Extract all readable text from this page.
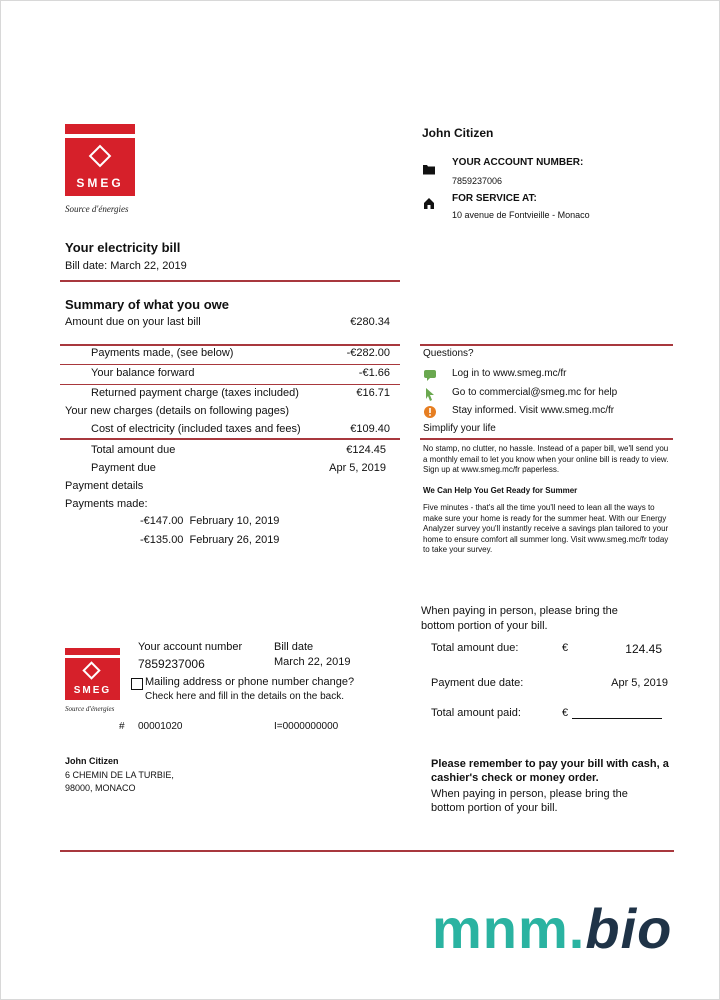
SMEG
Source d'énergies
John Citizen
YOUR ACCOUNT NUMBER:
7859237006
FOR SERVICE AT:
10 avenue de Fontvieille - Monaco
Your electricity bill
Bill date: March 22, 2019
Summary of what you owe
Amount due on your last bill	€280.34
Payments made, (see below)	-€282.00
Your balance forward	-€1.66
Returned payment charge (taxes included)	€16.71
Your new charges (details on following pages)
Cost of electricity (included taxes and fees)	€109.40
Total amount due	€124.45
Payment due	Apr 5, 2019
Payment details
Payments made:
-€147.00  February 10, 2019
-€135.00  February 26, 2019
Questions?
Log in to www.smeg.mc/fr
Go to commercial@smeg.mc for help
Stay informed. Visit www.smeg.mc/fr
Simplify your life
No stamp, no clutter, no hassle. Instead of a paper bill, we'll send you a monthly email to let you know when your online bill is ready to view. Sign up at www.smeg.mc/fr paperless.
We Can Help You Get Ready for Summer
Five minutes - that's all the time you'll need to lean all the ways to make sure your home is ready for the summer heat. With our Energy Analyzer survey you'll instantly receive a savings plan tailored to your home to ensure comfort all summer long. Visit www.smeg.mc/fr today to take your survey.
When paying in person, please bring the bottom portion of your bill.
SMEG
Source d'énergies
Your account number
7859237006
Bill date
March 22, 2019
Mailing address or phone number change?
Check here and fill in the details on the back.
# 00001020	I=0000000000
John Citizen
6 CHEMIN DE LA TURBIE,
98000, MONACO
Total amount due:	€	124.45
Payment due date:	Apr 5, 2019
Total amount paid:	€
Please remember to pay your bill with cash, a cashier's check or money order.
When paying in person, please bring the bottom portion of your bill.
mnm.bio
